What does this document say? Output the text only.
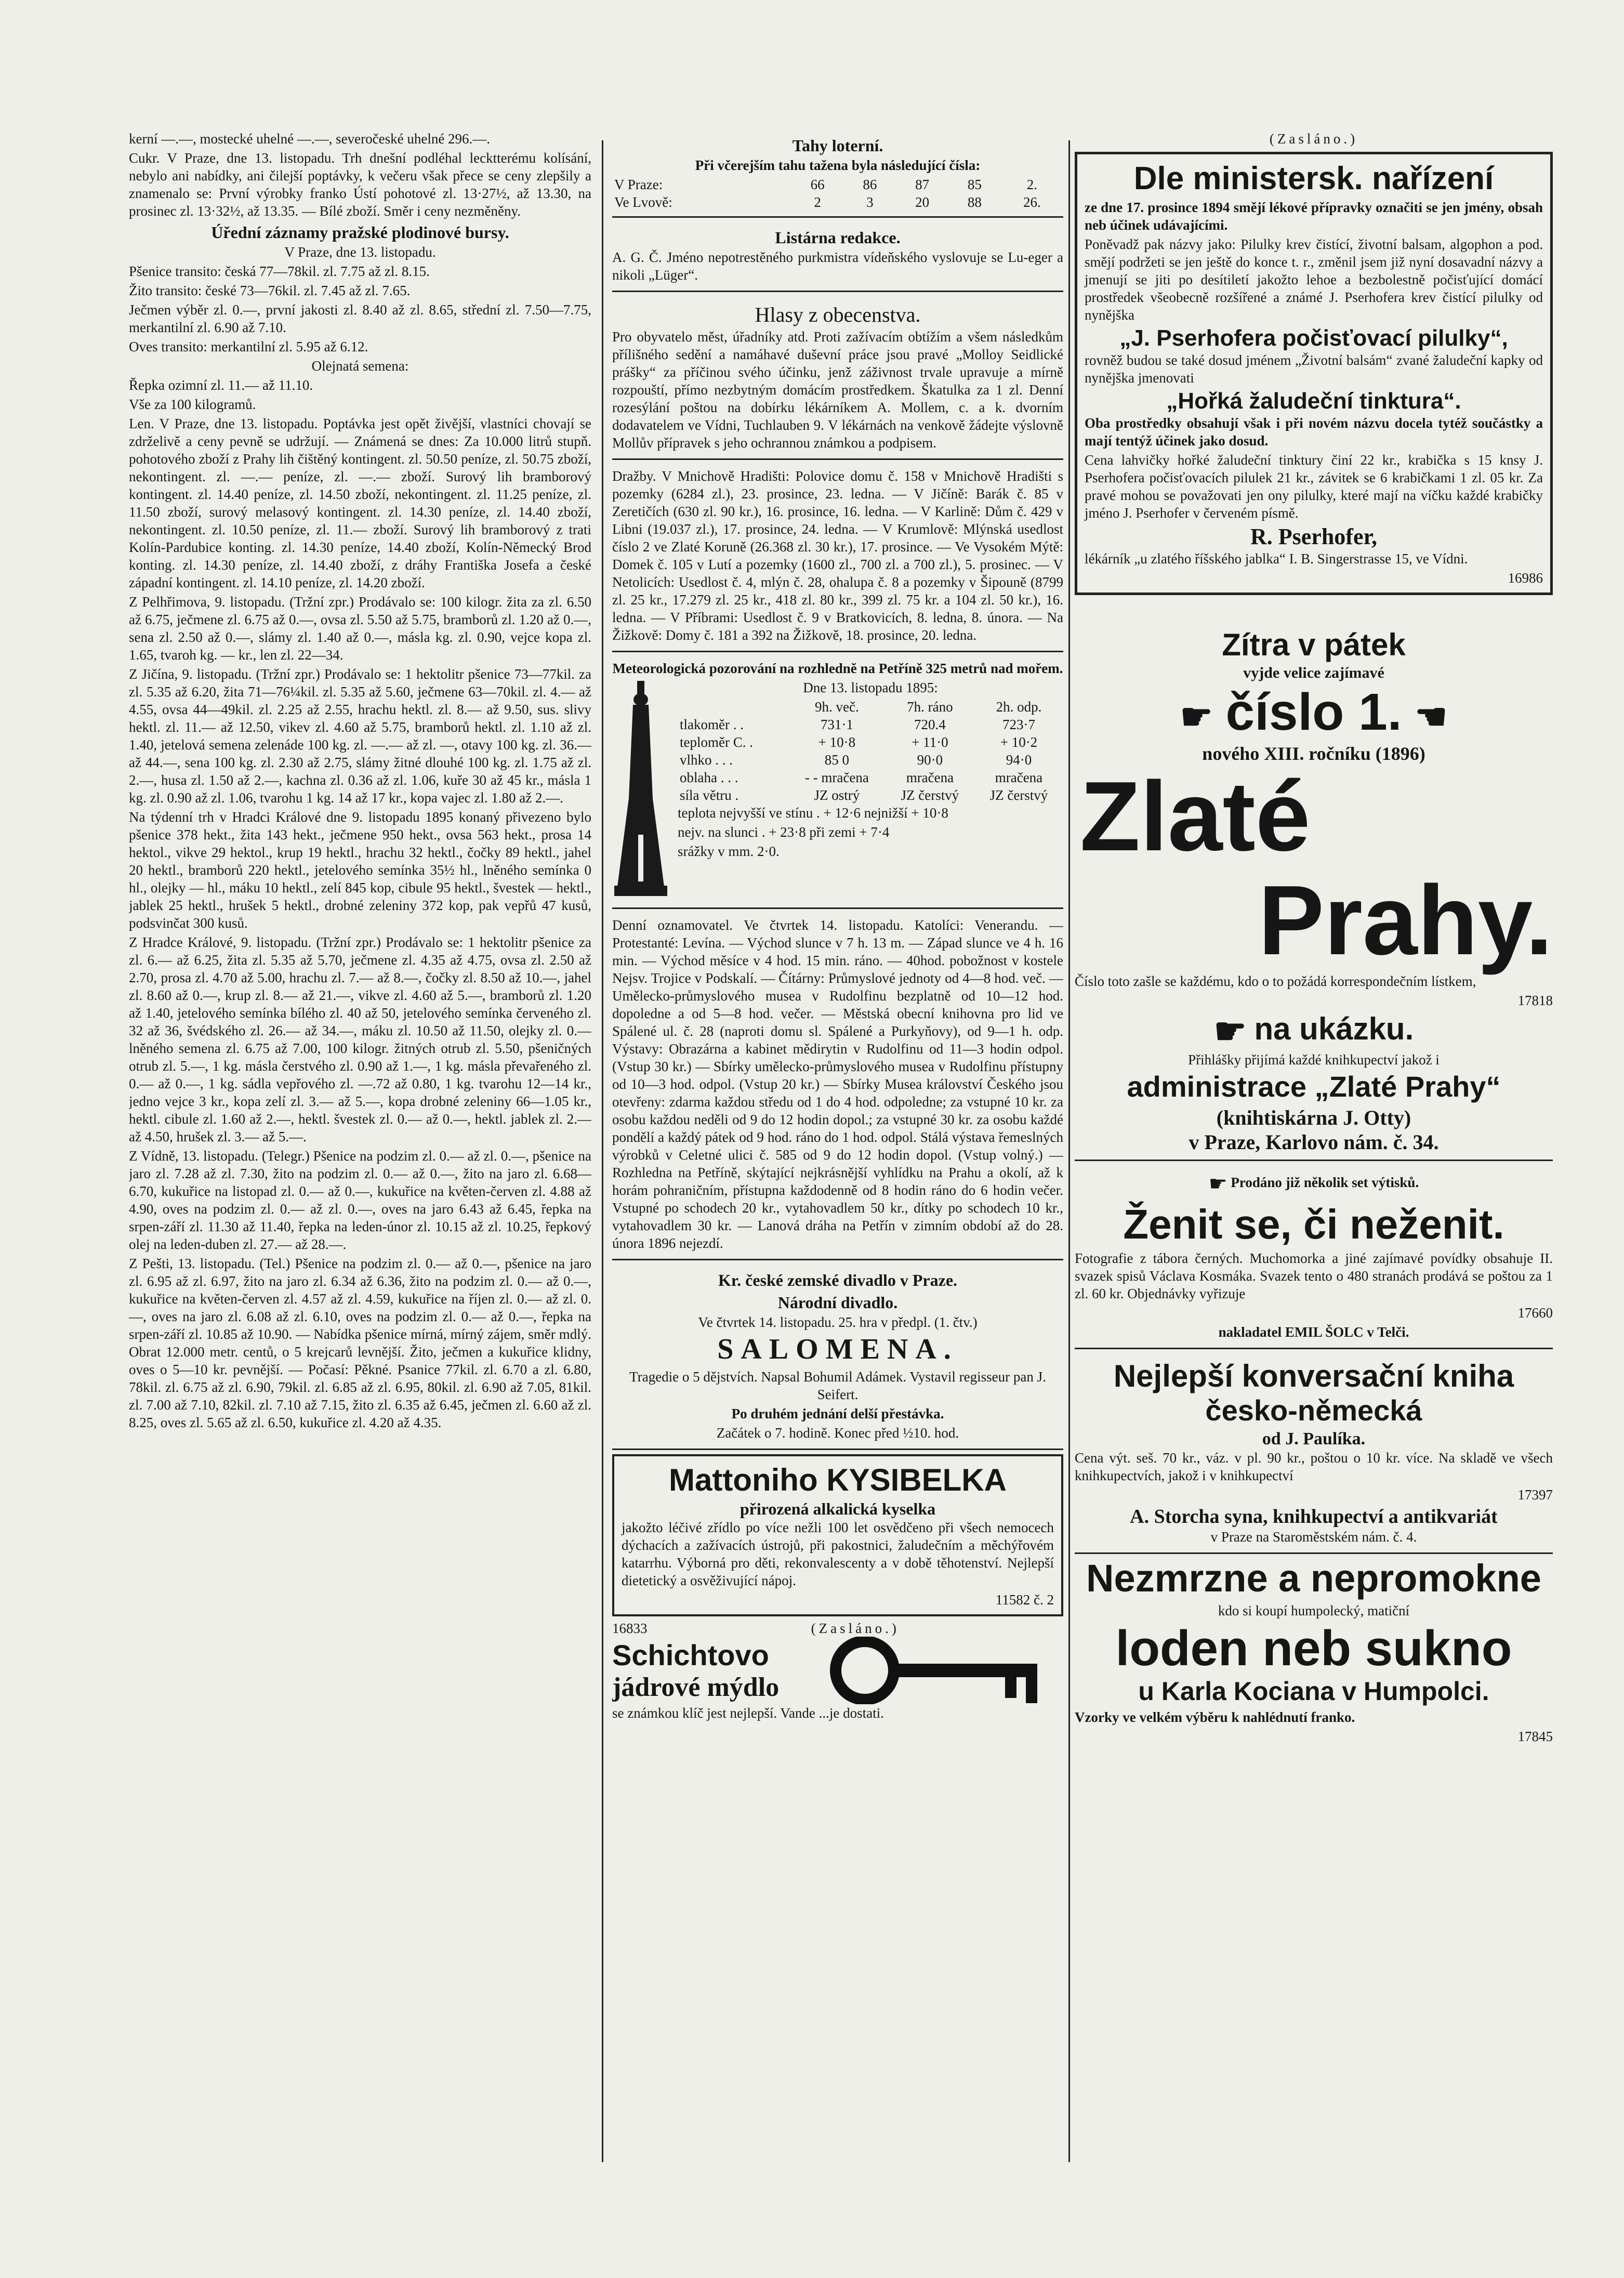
kerní —.—, mostecké uhelné —.—, severočeské uhelné 296.—.

Cukr. V Praze, dne 13. listopadu. Trh dnešní podléhal lecktterému kolísání, nebylo ani nabídky, ani čilejší poptávky, k večeru však přece se ceny zlepšily a znamenalo se: První výrobky franko Ústí pohotové zl. 13·27½, až 13.30, na prosinec zl. 13·32½, až 13.35. — Bílé zboží. Směr i ceny nezměněny.

Úřední záznamy pražské plodinové bursy.

V Praze, dne 13. listopadu.

Pšenice transito: česká 77—78kil. zl. 7.75 až zl. 8.15.

Žito transito: české 73—76kil. zl. 7.45 až zl. 7.65.

Ječmen výběr zl. 0.—, první jakosti zl. 8.40 až zl. 8.65, střední zl. 7.50—7.75, merkantilní zl. 6.90 až 7.10.

Oves transito: merkantilní zl. 5.95 až 6.12.

Olejnatá semena:

Řepka ozimní zl. 11.— až 11.10.

Vše za 100 kilogramů.

Len. V Praze, dne 13. listopadu. Poptávka jest opět živější, vlastníci chovají se zdrželivě a ceny pevně se udržují. — Známená se dnes: Za 10.000 litrů stupň. pohotového zboží z Prahy lih čištěný kontingent. zl. 50.50 peníze, zl. 50.75 zboží, nekontingent. zl. —.— peníze, zl. —.— zboží. Surový lih bramborový kontingent. zl. 14.40 peníze, zl. 14.50 zboží, nekontingent. zl. 11.25 peníze, zl. 11.50 zboží, surový melasový kontingent. zl. 14.30 peníze, zl. 14.40 zboží, nekontingent. zl. 10.50 peníze, zl. 11.— zboží. Surový lih bramborový z trati Kolín-Pardubice konting. zl. 14.30 peníze, 14.40 zboží, Kolín-Německý Brod konting. zl. 14.30 peníze, zl. 14.40 zboží, z dráhy Františka Josefa a české západní kontingent. zl. 14.10 peníze, zl. 14.20 zboží.

Z Pelhřimova, 9. listopadu. (Tržní zpr.) Prodávalo se: 100 kilogr. žita za zl. 6.50 až 6.75, ječmene zl. 6.75 až 0.—, ovsa zl. 5.50 až 5.75, bramborů zl. 1.20 až 0.—, sena zl. 2.50 až 0.—, slámy zl. 1.40 až 0.—, másla kg. zl. 0.90, vejce kopa zl. 1.65, tvaroh kg. — kr., len zl. 22—34.

Z Jičína, 9. listopadu. (Tržní zpr.) Prodávalo se: 1 hektolitr pšenice 73—77kil. za zl. 5.35 až 6.20, žita 71—76¼kil. zl. 5.35 až 5.60, ječmene 63—70kil. zl. 4.— až 4.55, ovsa 44—49kil. zl. 2.25 až 2.55, hrachu hektl. zl. 8.— až 9.50, sus. slivy hektl. zl. 11.— až 12.50, vikev zl. 4.60 až 5.75, bramborů hektl. zl. 1.10 až zl. 1.40, jetelová semena zelenáde 100 kg. zl. —.— až zl. —, otavy 100 kg. zl. 36.— až 44.—, sena 100 kg. zl. 2.30 až 2.75, slámy žitné dlouhé 100 kg. zl. 1.75 až zl. 2.—, husa zl. 1.50 až 2.—, kachna zl. 0.36 až zl. 1.06, kuře 30 až 45 kr., másla 1 kg. zl. 0.90 až zl. 1.06, tvarohu 1 kg. 14 až 17 kr., kopa vajec zl. 1.80 až 2.—.

Na týdenní trh v Hradci Králové dne 9. listopadu 1895 konaný přivezeno bylo pšenice 378 hekt., žita 143 hekt., ječmene 950 hekt., ovsa 563 hekt., prosa 14 hektol., vikve 29 hektol., krup 19 hektl., hrachu 32 hektl., čočky 89 hektl., jahel 20 hektl., bramborů 220 hektl., jetelového semínka 35½ hl., lněného semínka 0 hl., olejky — hl., máku 10 hektl., zelí 845 kop, cibule 95 hektl., švestek — hektl., jablek 25 hektl., hrušek 5 hektl., drobné zeleniny 372 kop, pak vepřů 47 kusů, podsvinčat 300 kusů.

Z Hradce Králové, 9. listopadu. (Tržní zpr.) Prodávalo se: 1 hektolitr pšenice za zl. 6.— až 6.25, žita zl. 5.35 až 5.70, ječmene zl. 4.35 až 4.75, ovsa zl. 2.50 až 2.70, prosa zl. 4.70 až 5.00, hrachu zl. 7.— až 8.—, čočky zl. 8.50 až 10.—, jahel zl. 8.60 až 0.—, krup zl. 8.— až 21.—, vikve zl. 4.60 až 5.—, bramborů zl. 1.20 až 1.40, jetelového semínka bílého zl. 40 až 50, jetelového semínka červeného zl. 32 až 36, švédského zl. 26.— až 34.—, máku zl. 10.50 až 11.50, olejky zl. 0.— lněného semena zl. 6.75 až 7.00, 100 kilogr. žitných otrub zl. 5.50, pšeničných otrub zl. 5.—, 1 kg. másla čerstvého zl. 0.90 až 1.—, 1 kg. másla převařeného zl. 0.— až 0.—, 1 kg. sádla vepřového zl. —.72 až 0.80, 1 kg. tvarohu 12—14 kr., jedno vejce 3 kr., kopa zelí zl. 3.— až 5.—, kopa drobné zeleniny 66—1.05 kr., hektl. cibule zl. 1.60 až 2.—, hektl. švestek zl. 0.— až 0.—, hektl. jablek zl. 2.— až 4.50, hrušek zl. 3.— až 5.—.

Z Vídně, 13. listopadu. (Telegr.) Pšenice na podzim zl. 0.— až zl. 0.—, pšenice na jaro zl. 7.28 až zl. 7.30, žito na podzim zl. 0.— až 0.—, žito na jaro zl. 6.68—6.70, kukuřice na listopad zl. 0.— až 0.—, kukuřice na květen-červen zl. 4.88 až 4.90, oves na podzim zl. 0.— až zl. 0.—, oves na jaro 6.43 až 6.45, řepka na srpen-září zl. 11.30 až 11.40, řepka na leden-únor zl. 10.15 až zl. 10.25, řepkový olej na leden-duben zl. 27.— až 28.—.

Z Pešti, 13. listopadu. (Tel.) Pšenice na podzim zl. 0.— až 0.—, pšenice na jaro zl. 6.95 až zl. 6.97, žito na jaro zl. 6.34 až 6.36, žito na podzim zl. 0.— až 0.—, kukuřice na květen-červen zl. 4.57 až zl. 4.59, kukuřice na říjen zl. 0.— až zl. 0.—, oves na jaro zl. 6.08 až zl. 6.10, oves na podzim zl. 0.— až 0.—, řepka na srpen-září zl. 10.85 až 10.90. — Nabídka pšenice mírná, mírný zájem, směr mdlý. Obrat 12.000 metr. centů, o 5 krejcarů levnější. Žito, ječmen a kukuřice klidny, oves o 5—10 kr. pevnější. — Počasí: Pěkné. Psanice 77kil. zl. 6.70 a zl. 6.80, 78kil. zl. 6.75 až zl. 6.90, 79kil. zl. 6.85 až zl. 6.95, 80kil. zl. 6.90 až 7.05, 81kil. zl. 7.00 až 7.10, 82kil. zl. 7.10 až 7.15, žito zl. 6.35 až 6.45, ječmen zl. 6.60 až zl. 8.25, oves zl. 5.65 až zl. 6.50, kukuřice zl. 4.20 až 4.35.

Tahy loterní.

Při včerejším tahu tažena byla následující čísla:

V Praze:	66	86	87	85	2.
Ve Lvově:	2	3	20	88	26.
Listárna redakce.

A. G. Č. Jméno nepotrestěného purkmistra vídeňského vyslovuje se Lu-eger a nikoli „Lüger“.

Hlasy z obecenstva.

Pro obyvatelo měst, úřadníky atd. Proti zažívacím obtížím a všem následkům přílišného sedění a namáhavé duševní práce jsou pravé „Molloy Seidlické prášky“ za příčinou svého účinku, jenž záživnost trvale upravuje a mírně rozpouští, přímo nezbytným domácím prostředkem. Škatulka za 1 zl. Denní rozesýlání poštou na dobírku lékárníkem A. Mollem, c. a k. dvorním dodavatelem ve Vídni, Tuchlauben 9. V lékárnách na venkově žádejte výslovně Mollův přípravek s jeho ochrannou známkou a podpisem.

Dražby. V Mnichově Hradišti: Polovice domu č. 158 v Mnichově Hradišti s pozemky (6284 zl.), 23. prosince, 23. ledna. — V Jičíně: Barák č. 85 v Zeretičích (630 zl. 90 kr.), 16. prosince, 16. ledna. — V Karlině: Dům č. 429 v Libni (19.037 zl.), 17. prosince, 24. ledna. — V Krumlově: Mlýnská usedlost číslo 2 ve Zlaté Koruně (26.368 zl. 30 kr.), 17. prosince. — Ve Vysokém Mýtě: Domek č. 105 v Lutí a pozemky (1600 zl., 700 zl. a 700 zl.), 5. prosinec. — V Netolicích: Usedlost č. 4, mlýn č. 28, ohalupa č. 8 a pozemky v Šipouně (8799 zl. 25 kr., 17.279 zl. 25 kr., 418 zl. 80 kr., 399 zl. 75 kr. a 104 zl. 50 kr.), 16. ledna. — V Příbrami: Usedlost č. 9 v Bratkovicích, 8. ledna, 8. února. — Na Žižkově: Domy č. 181 a 392 na Žižkově, 18. prosince, 20. ledna.

Meteorologická pozorování na rozhledně na Petříně 325 metrů nad mořem.

Dne 13. listopadu 1895:

	9h. več.	7h. ráno	2h. odp.
tlakoměr . .	731·1	720.4	723·7
teploměr C. .	+ 10·8	+ 11·0	+ 10·2
vlhko . . .	85 0	90·0	94·0
oblaha . . .	- - mračena	mračena	mračena
síla větru .	JZ ostrý	JZ čerstvý	JZ čerstvý

teplota nejvyšší ve stínu . + 12·6 nejnižší + 10·8

nejv. na slunci . + 23·8 při zemi + 7·4

srážky v mm. 2·0.

Denní oznamovatel. Ve čtvrtek 14. listopadu. Katolíci: Venerandu. — Protestanté: Levína. — Východ slunce v 7 h. 13 m. — Západ slunce ve 4 h. 16 min. — Východ měsíce v 4 hod. 15 min. ráno. — 40hod. pobožnost v kostele Nejsv. Trojice v Podskalí. — Čítárny: Průmyslové jednoty od 4—8 hod. več. — Umělecko-průmyslového musea v Rudolfinu bezplatně od 10—12 hod. dopoledne a od 5—8 hod. večer. — Městská obecní knihovna pro lid ve Spálené ul. č. 28 (naproti domu sl. Spálené a Purkyňovy), od 9—1 h. odp. Výstavy: Obrazárna a kabinet mědirytin v Rudolfinu od 11—3 hodin odpol. (Vstup 30 kr.) — Sbírky umělecko-průmyslového musea v Rudolfinu přístupny od 10—3 hod. odpol. (Vstup 20 kr.) — Sbírky Musea království Českého jsou otevřeny: zdarma každou středu od 1 do 4 hod. odpoledne; za vstupné 10 kr. za osobu každou neděli od 9 do 12 hodin dopol.; za vstupné 30 kr. za osobu každé pondělí a každý pátek od 9 hod. ráno do 1 hod. odpol. Stálá výstava řemeslných výrobků v Celetné ulici č. 585 od 9 do 12 hodin dopol. (Vstup volný.) — Rozhledna na Petříně, skýtající nejkrásnější vyhlídku na Prahu a okolí, až k horám pohraničním, přístupna každodenně od 8 hodin ráno do 6 hodin večer. Vstupné po schodech 20 kr., vytahovadlem 50 kr., dítky po schodech 10 kr., vytahovadlem 30 kr. — Lanová dráha na Petřín v zimním období až do 28. února 1896 nejezdí.

Kr. české zemské divadlo v Praze.
Národní divadlo.

Ve čtvrtek 14. listopadu. 25. hra v předpl. (1. čtv.)

SALOMENA.

Tragedie o 5 dějstvích. Napsal Bohumil Adámek. Vystavil regisseur pan J. Seifert.

Po druhém jednání delší přestávka.

Začátek o 7. hodině. Konec před ½10. hod.

Mattoniho KYSIBELKA
přirozená alkalická kyselka

jakožto léčivé zřídlo po více nežli 100 let osvědčeno při všech nemocech dýchacích a zažívacích ústrojů, při pakostnici, žaludečním a měchýřovém katarrhu. Výborná pro děti, rekonvalescenty a v době těhotenství. Nejlepší dietetický a osvěživující nápoj.

11582 č. 2

16833	(Zasláno.)
Schichtovo
jádrové mýdlo

se známkou klíč jest nejlepší. Vande ...je dostati.

(Zasláno.)

Dle ministersk. nařízení

ze dne 17. prosince 1894 smějí lékové přípravky označiti se jen jmény, obsah neb účinek udávajícími.

Poněvadž pak názvy jako: Pilulky krev čistící, životní balsam, algophon a pod. smějí podržeti se jen ještě do konce t. r., změnil jsem již nyní dosavadní názvy a jmenují se jiti po desítiletí jakožto lehoe a bezbolestně počisťující domácí prostředek všeobecně rozšířené a známé J. Pserhofera krev čistící pilulky od nynějška

„J. Pserhofera počisťovací pilulky“,

rovněž budou se také dosud jménem „Životní balsám“ zvané žaludeční kapky od nynějška jmenovati

„Hořká žaludeční tinktura“.

Oba prostředky obsahují však i při novém názvu docela tytéž součástky a mají tentýž účinek jako dosud.

Cena lahvičky hořké žaludeční tinktury činí 22 kr., krabička s 15 knsy J. Pserhofera počisťovacích pilulek 21 kr., závitek se 6 krabičkami 1 zl. 05 kr. Za pravé mohou se považovati jen ony pilulky, které mají na víčku každé krabičky jméno J. Pserhofer v červeném písmě.

R. Pserhofer,

lékárník „u zlatého říšského jablka“ I. B. Singerstrasse 15, ve Vídni.

16986

Zítra v pátek
vyjde velice zajímavé
☛ číslo 1. ☚
nového XIII. ročníku (1896)
Zlaté
Prahy.

Číslo toto zašle se každému, kdo o to požádá korrespondečním lístkem,

17818

☛ na ukázku.

Přihlášky přijímá každé knihkupectví jakož i

administrace „Zlaté Prahy“
(knihtiskárna J. Otty)
v Praze, Karlovo nám. č. 34.

☛ Prodáno již několik set výtisků.

Ženit se, či neženit.

Fotografie z tábora černých. Muchomorka a jiné zajímavé povídky obsahuje II. svazek spisů Václava Kosmáka. Svazek tento o 480 stranách prodává se poštou za 1 zl. 60 kr. Objednávky vyřizuje

17660

nakladatel EMIL ŠOLC v Telči.

Nejlepší konversační kniha
česko-německá
od J. Paulíka.

Cena výt. seš. 70 kr., váz. v pl. 90 kr., poštou o 10 kr. více. Na skladě ve všech knihkupectvích, jakož i v knihkupectví

17397

A. Storcha syna, knihkupectví a antikvariát

v Praze na Staroměstském nám. č. 4.

Nezmrzne a nepromokne

kdo si koupí humpolecký, matiční

loden neb sukno
u Karla Kociana v Humpolci.

Vzorky ve velkém výběru k nahlédnutí franko.

17845
